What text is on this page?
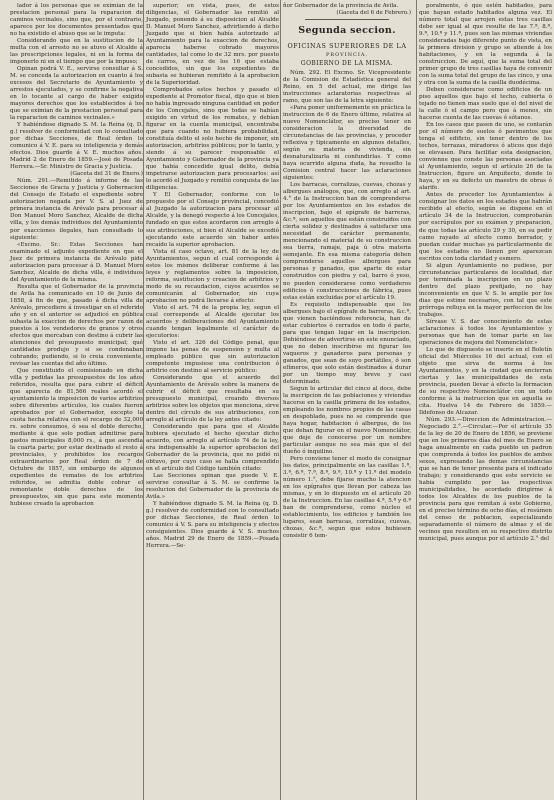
lador á los personas que se eximian de la prestacion personal para la reparacion de caminos vecinales, sino que, por el contrario, aparece por los documentos presentados que no ha existido el abuso que se le imputa:

Considerando que en la sustitucion de la multa con el arresto no se atuvo el Alcalde á las prescripciones legales, ni en la forma de imponerlo ni en el tiempo que por la impuso;

Opinan podrá V. E., servirse consultar á S. M. se conceda la autorizacion en cuanto á los excesos del Secretario de Ayuntamiento y arrestos ejecutados, y se confirme la negativa en lo tocante al cargo de haber exigido mayores derechos que los establecidos á los que se eximian de la prestacion personal para la reparacion de caminos vecinales.»

Y habiéndose dignado S. M. la Reina (q. D. g.) resolver de conformidad con lo consultado por dichas Secciones, de Real órden lo comunico á V. E. para su inteligencia y demás efectos. Dios guarde á V. E. muchos años. Madrid 2 de Enero de 1859.—José de Posada Herrera.—Sr. Ministro de Gracia y Justicia.

(Gaceta del 31 de Enero.)

Núm. 291.—Remitido á informe de las Secciones de Gracia y Justicia y Gobernacion del Consejo de Estado el expediente sobre autorizacion negada por V. S. al Juez de primera instancia de Arévalo para procesar á Don Manuel Moro Sanchez, Alcalde de dicha villa, y los demás individuos del Ayuntamiento por exacciones ilegales, han consultado lo siguiente:

«Excmo. Sr.: Estas Secciones han examinado el adjunto expediente en que el Juez de primera instancia de Arévalo pide autorizacion para procesar á D. Manuel Moro Sanchez, Alcalde de dicha villa, é individuos del Ayuntamiento de la misma.

Resulta que el Gobernador de la provincia de Avila ha comunicado en 10 de Junio de 1858, á fin de que, pasado á dicha villa de Arévalo, procediere á investigar en el referido año y en el anterior se adjudicó en pública subasta la exaccion de derechos por razon de puestos á los vendedores de granos y otros efectos que mercaban con destino á cubrir las atenciones del presupuesto municipal; qué cantidades produjo y si se condenaban cobrando; pudiendo, si lo creia conveniente, revisar las cuentas del año último.

Que constituido el comisionado en dicha villa y pedidas las presupuestos de los años referidos, resulta que para cubrir el déficit que aparecia de 81,566 reales acordó el ayuntamiento la imposicion de varios arbitrios sobre diferentes artículos, los cuales fueron aprobados por el Gobernador, excepto la cuota hecha relativa con el recargo de 32,000 rs. sobre consumos, ó sea el doble derecho, mediante á que solo podian admitirse para gastos municipales 8,000 rs., á que ascendia la cuarta parte; por estar destinado el resto á provinciales, y prohibidos los recargos extraordinarios por Real órden de 7 de Octubre de 1857, sin embargo de algunos expedientes de remates de los arbitrios referidos, se admitia doble cobrar el remontante doble derechos de los presupuestos, sin que para este momento hubiese creado la aprobacion

superior; en vista, pues, de estos diligencias, el Gobernador las remitió al Juzgado, ponendo á su disposicion al Alcalde D. Manuel Moro Sanchez, advirtiendo á dicho Juzgado que si bien había autorizado al Ayuntamiento para la exaccion de derechos, aparecia haberse cobrado mayores cantidades, tal como lo de 32 mrs. por puesto de carros, en vez de los 16 que estaba concedidos, sin que los expedientes de subasta se hubieran remitido á la aprobacion de la Superioridad.

Comprobados estos hechos y pasado el expediente al Promotor fiscal, dijo que si bien no había ingresado ninguna cantidad en poder de los Concejales, sino que todas se habían exigido en virtud de los remates, y debían figurar en la cuenta municipal, encontraba que para cuando no hubiera probabilidad, constituía delito el solo hecho de imponer, sin autorizacion, arbitrios públicos; por lo tanto, y siendo á su parecer responsable el Ayuntamiento y Gobernador de la provincia ya que había concedido igual delito, debía impetrarse autorizacion para procesarlos: así lo acordó el Juzgado y remitió conquista de las diligencias.

Y El Gobernador, conforme con lo propuesto por el Consejo provincial, concedió al Juzgado la autorizacion para procesar al Alcalde, y la denegó respecto á los Concejales, fundado en que estos acordaron con arreglo á sus atribuciones, si bien el Alcalde se excedió ejecutando este acuerdo sin haber antes recaído la superior aprobacion.

Vista el caso octavo, art. 81 de la ley de Ayuntamientos, segun el cual corresponde á estos los mismos deliberar conforme á las leyes y reglamentos sobre la imposicion, reforma, sustitucion y creacion de arbitrios y modo de su recaudacion, cuyos acuerdos se comunicarán al Gobernador, sin cuya aprobacion no podrá llevarse á efecto:

Visto el art. 74 de la propia ley, segun el cual corresponde al Alcalde ejecutar los acuerdos y deliberaciones del Ayuntamiento cuando tengan legalmente el carácter de ejecutorios:

Visto el art. 326 del Código penal, que impone las penas de suspension y multa al empleado público que sin autorizacion competente impusiese una contribucion ó arbitrio con destino al servicio público:

Considerando que el acuerdo del Ayuntamiento de Arévalo sobre la manera de cubrir el déficit que resultaba en su presupuesto municipal, creando diversos arbitrios sobre los objetos que menciona, sirve dentro del círculo de sus atribuciones, con arreglo al artículo de la ley antes citado:

Considerando que para que el Alcalde hubiera ejecutado el hecho ejecutar dicho acuerdo, con arreglo al artículo 74 de la ley, era indispensable la superior aprobacion del Gobernador de la provincia, que no pidió ni obtuvo, por cuyo caso se halla comprendido en el artículo del Código también citado:

Las Secciones opinan que puede V. E. servirse consultar á S. M. se confirme la resolucion del Gobernador de la provincia de Avila.»

Y habiéndose dignado S. M. la Reina (q. D. g.) resolver de conformidad con lo consultado por dichas Secciones, de Real órden lo comunico á V. S. para su inteligencia y efectos consiguientes. Dios guarde á V. S. muchos años. Madrid 29 de Enero de 1859.—Posada Herrera.—Se-

ñor Gobernador de la provincia de Avila.

(Gaceta del 6 de Febrero.)

Segunda seccion.
OFICINAS SUPERIORES DE LA
PROVINCIA.
GOBIERNO DE LA MISMA.

Núm. 292. El Excmo. Sr. Vicepresidente de la Comision de Estadística general del Reino, en 5 del actual, me dirige las instrucciones aclaratorias respectivas al ramo, que son las de la letra siguiente:

«Para poner uniformemente en práctica la instruccion de 6 de Enero último, relativa al nuevo Nomenclátor, es preciso tener en consideracion la diversidad de circunstancias de las provincias, y proceder reflexiva y tipicamente en algunos detalles, según su materia de vivienda, sin desnaturalizarla ni confundirlas. Y como haya ocurrido alguna duda, ha resuelto la Comision central hacer las aclaraciones siguientes:

Los barracas, corralizas, cuevas, chozas y albergues análogos, que, con arreglo al art. 4.° de la Instruccion han de comprenderse por los Ayuntamientos en los estados de inscripcion, bajo el epígrafe de barreras, &c.ª, son aquellos que están construidos con cierta solidez y destinados á satisfacer una necesidad de carácter permanente, mencionando el material de su construccion sea tierra, ramaje, paja ú otra materia semejante. En esa misma categoría deben comprenderse aquellos albergues para personas y ganados, que aparte de estar construidos con piedra y cal, barro ó yeso, no pueden considerarse como verdaderos edificios ó construcciones de fábrica, pues estas están excluidas por el artículo 19.

Es requisito indispensable que los albergues bajo el epígrafe de barreras, &c.ª, que vienen haciéndose referencia, han de estar cubiertos ó cerrados en todo ó parte, para que tengan lugar en la inscripcion. Debiéndose de advertirse en este enunciado, que no deben inscribirse mi figurar los vaqueros y ganaderos para personas y ganados, que sean de suyo portátiles, ó son efímeros, que solo están destinados á durar por un tiempo muy breve y casi determinado.

Segun lo articular del cinco al doce, debe la inscripcion de las poblaciones y viviendas hacerse en la casilla primera de los estados, empleando los nombres propios de las casas en despoblado, pues no se comprende que haya hogar, habitacion ó albergue, de los que deban figurar en el nuevo Nomenclátor, que deje de conocerse por un nombre particular aunque no sea más que el del dueño ó inquilino.

Pero conviene tener el modo de consignar los datos, principalmente en las casillas 1.ª, 3.ª, 6.ª, 7.ª, 8.ª, 9.ª, 10.ª y 11.ª del modelo número 1.°, debe fijarse mucho la atencion en los epígrafes que llevan por cabeza las mismas, y en lo dispuesto en el artículo 20 de la Instruccion. En las casillas 4.ª, 5.ª y 6.ª han de comprenderse, como núcleo el establecimiento, los edificios y también los lugares, sean barracas, corralizas, cuevas, chozas, &c.ª, segun que estos hubiesen consistir 6 tem-

poralmente, ó que estén habitados, para que hayan estado habitados alguna vez. El número total que arrojen estas tres casillas debe ser igual al que resulte de las 7.ª, 8.ª, 9.ª, 10.ª y 11.ª, pues son las mismas viviendas consideradas bajo diferente punto de vista, en la primera division y grupo se atiende á los habitaciones, y en la segunda á la construccion. De aquí, que la suma total del primer grupo de tres casillas haya de convenir con la suma total del grupo de las cinco, y una y otra con la suma de la casilla duodécima.

Deben considerarse como edificios de un piso aquellos que bajo el techo, cubierta ó tejado no tienen mas suelo que el del nivel de la calle ó el campo pero que á menos, sin hacerse cuenta de las cuevas ó sótanos.

En los casos que pasen de uno, se contarán por el número de suelos ó pavimentos que tenga el edificio, sin tener dentro de los techos, terrazas, miradores ó aticos que dejó se elevasen. Para facilitar esta designacion, convienne que conste las personas asociadas al Ayuntamiento, segun el artículo 26 de la Instruccion, figure un Arquitecto, donde lo haya, y en su defecto un maestro de obras ó alarife.

Antes de proceder los Ayuntamientos á consignar los datos en los estados que habrán recibido al efecto, según se dispone en el artículo 34 de la Instruccion, comprobarán por escrúpulos por su exámen y preparacion, de que todas las artículo 29 y 30, en su pedir camo rayado al efecto como borrador, y puedan cuidar muchas ya particularmente de que los estados no llenen por aparezcan escritos con toda claridad y esmero.

Si algun Ayuntamiento no pudiese, por circunstancias particulares de localidad, dar por terminada la inscripcion en un plazo dentro del plazo prefijado, no hay inconveniente en que V. S. lo amplíe por los dias que estime necesarios, con tal que este prórroga refluya en la mayor perfeccion de los trabajos.

Sírvase V. S. dar conocimiento de estas aclaraciones á todos los Ayuntamientos y personas que han de tomar parte en las operaciones de mejora del Nomenclátor.»

Lo que de dispuesto se inserte en el Boletín oficial del Miércoles 16 del actual, con el objeto que sirva de norma á los Ayuntamientos, y en la ciudad que encierran ciertas y las municipalidades de esta provincia, pueden llevar á efecto la formacion de su respectivo Nomenclátor con un todo conforme á la instruccion que en aquella se cita. Huelva 14 de Febrero de 1859.—Ildefonso de Alcazar.

Núm. 293.—Direccion de Administracion.—Negociado 2.°.—Circular.—Por el artículo 35 de la ley de 20 de Enero de 1856, se previene que en los primeros días del mes de Enero se haga anualmente en cada pueblo un padron que comprenda á todos los pueblos de ambos sexos, expresando las demas circunstancias que se han de tener presente para el indicado trabajo; y considerando que este servicio se habia cumplido por las respectivas municipalidades, he acordado dirigirme á todos los Alcaldes de los pueblos de la provincia para que remitan á este Gobierno, en el preciso término de ocho días, el resúmen del censo de poblacion, especializando separadamente el número de almas y el de vecinos que resulten en su respectivo distrito municipal, pues aunque por el artículo 2.° del
